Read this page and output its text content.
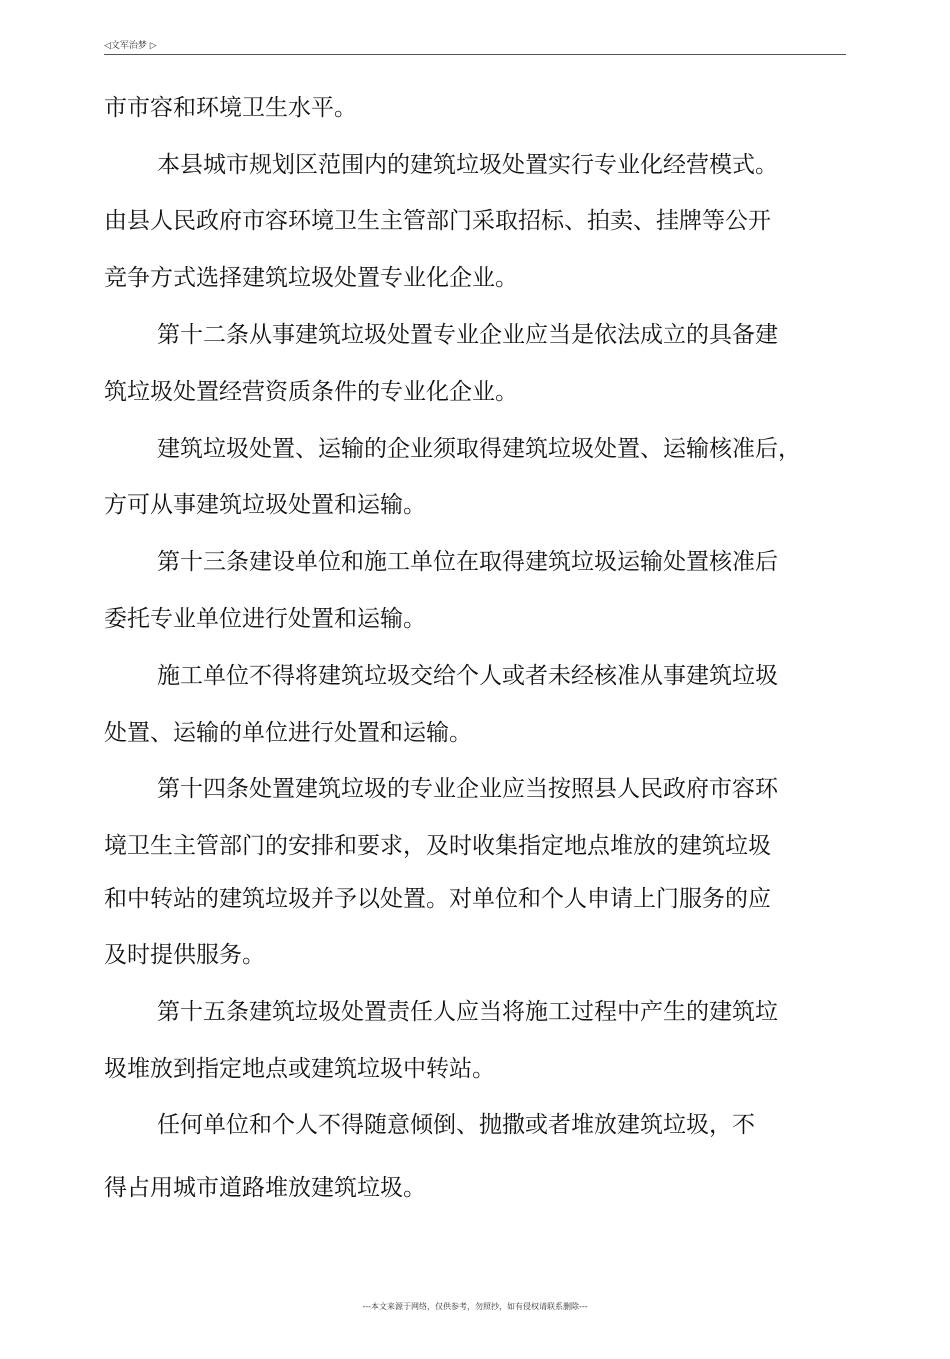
◁文军治梦 ▷
市市容和环境卫生水平。
本县城市规划区范围内的建筑垃圾处置实行专业化经营模式。
由县人民政府市容环境卫生主管部门采取招标、拍卖、挂牌等公开
竞争方式选择建筑垃圾处置专业化企业。
第十二条从事建筑垃圾处置专业企业应当是依法成立的具备建
筑垃圾处置经营资质条件的专业化企业。
建筑垃圾处置、运输的企业须取得建筑垃圾处置、运输核准后，
方可从事建筑垃圾处置和运输。
第十三条建设单位和施工单位在取得建筑垃圾运输处置核准后
委托专业单位进行处置和运输。
施工单位不得将建筑垃圾交给个人或者未经核准从事建筑垃圾
处置、运输的单位进行处置和运输。
第十四条处置建筑垃圾的专业企业应当按照县人民政府市容环
境卫生主管部门的安排和要求，及时收集指定地点堆放的建筑垃圾
和中转站的建筑垃圾并予以处置。对单位和个人申请上门服务的应
及时提供服务。
第十五条建筑垃圾处置责任人应当将施工过程中产生的建筑垃
圾堆放到指定地点或建筑垃圾中转站。
任何单位和个人不得随意倾倒、抛撒或者堆放建筑垃圾，不
得占用城市道路堆放建筑垃圾。
---本文来源于网络，仅供参考，勿照抄，如有侵权请联系删除---
